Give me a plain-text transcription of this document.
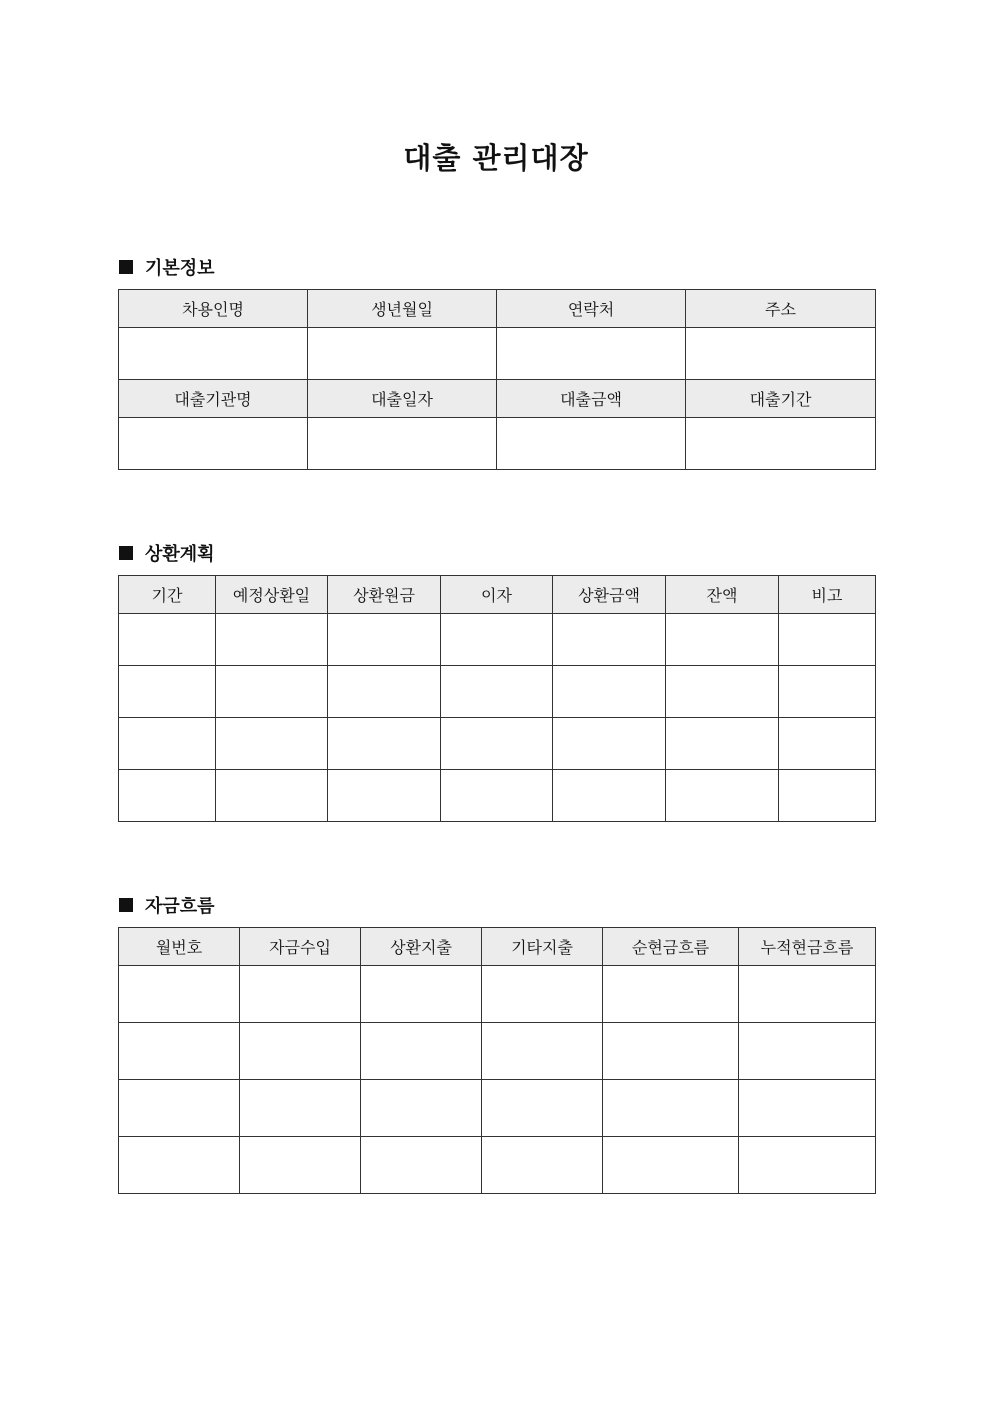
대출 관리대장
기본정보
차용인명	생년월일	연락처	주소

대출기관명	대출일자	대출금액	대출기간

상환계획
기간	예정상환일	상환원금	이자	상환금액	잔액	비고

자금흐름
월번호	자금수입	상환지출	기타지출	순현금흐름	누적현금흐름
